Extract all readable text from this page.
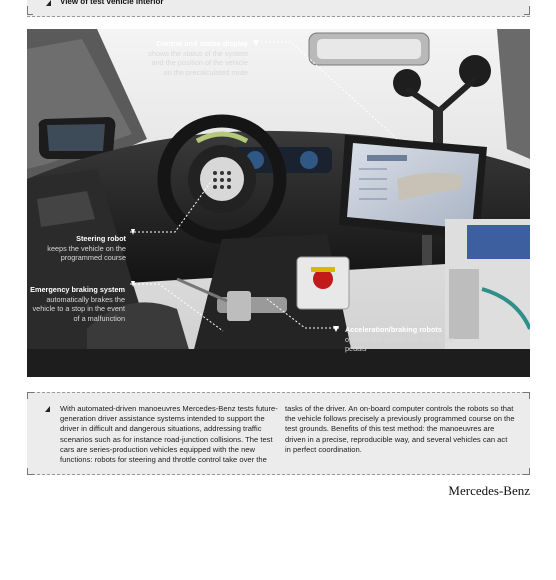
View of test vehicle interior
Control and status display
shows the status of the system and the position of the vehicle on the precalculated route
Steering robot
keeps the vehicle on the programmed course
Emergency braking system
automatically brakes the vehicle to a stop in the event of a malfunction
Acceleration/braking robots
operate the accelerator and brake pedals
With automated-driven manoeuvres Mercedes-Benz tests future-generation driver assistance systems intended to support the driver in difficult and dangerous situations, addressing traffic scenarios such as for instance road-junction collisions. The test cars are series-production vehicles equipped with the new functions: robots for steering and throttle control take over the
tasks of the driver. An on-board computer controls the robots so that the vehicle follows precisely a previously programmed course on the test grounds. Benefits of this test method: the manoeuvres are driven in a precise, reproducible way, and several vehicles can act in perfect coordination.
Mercedes-Benz
